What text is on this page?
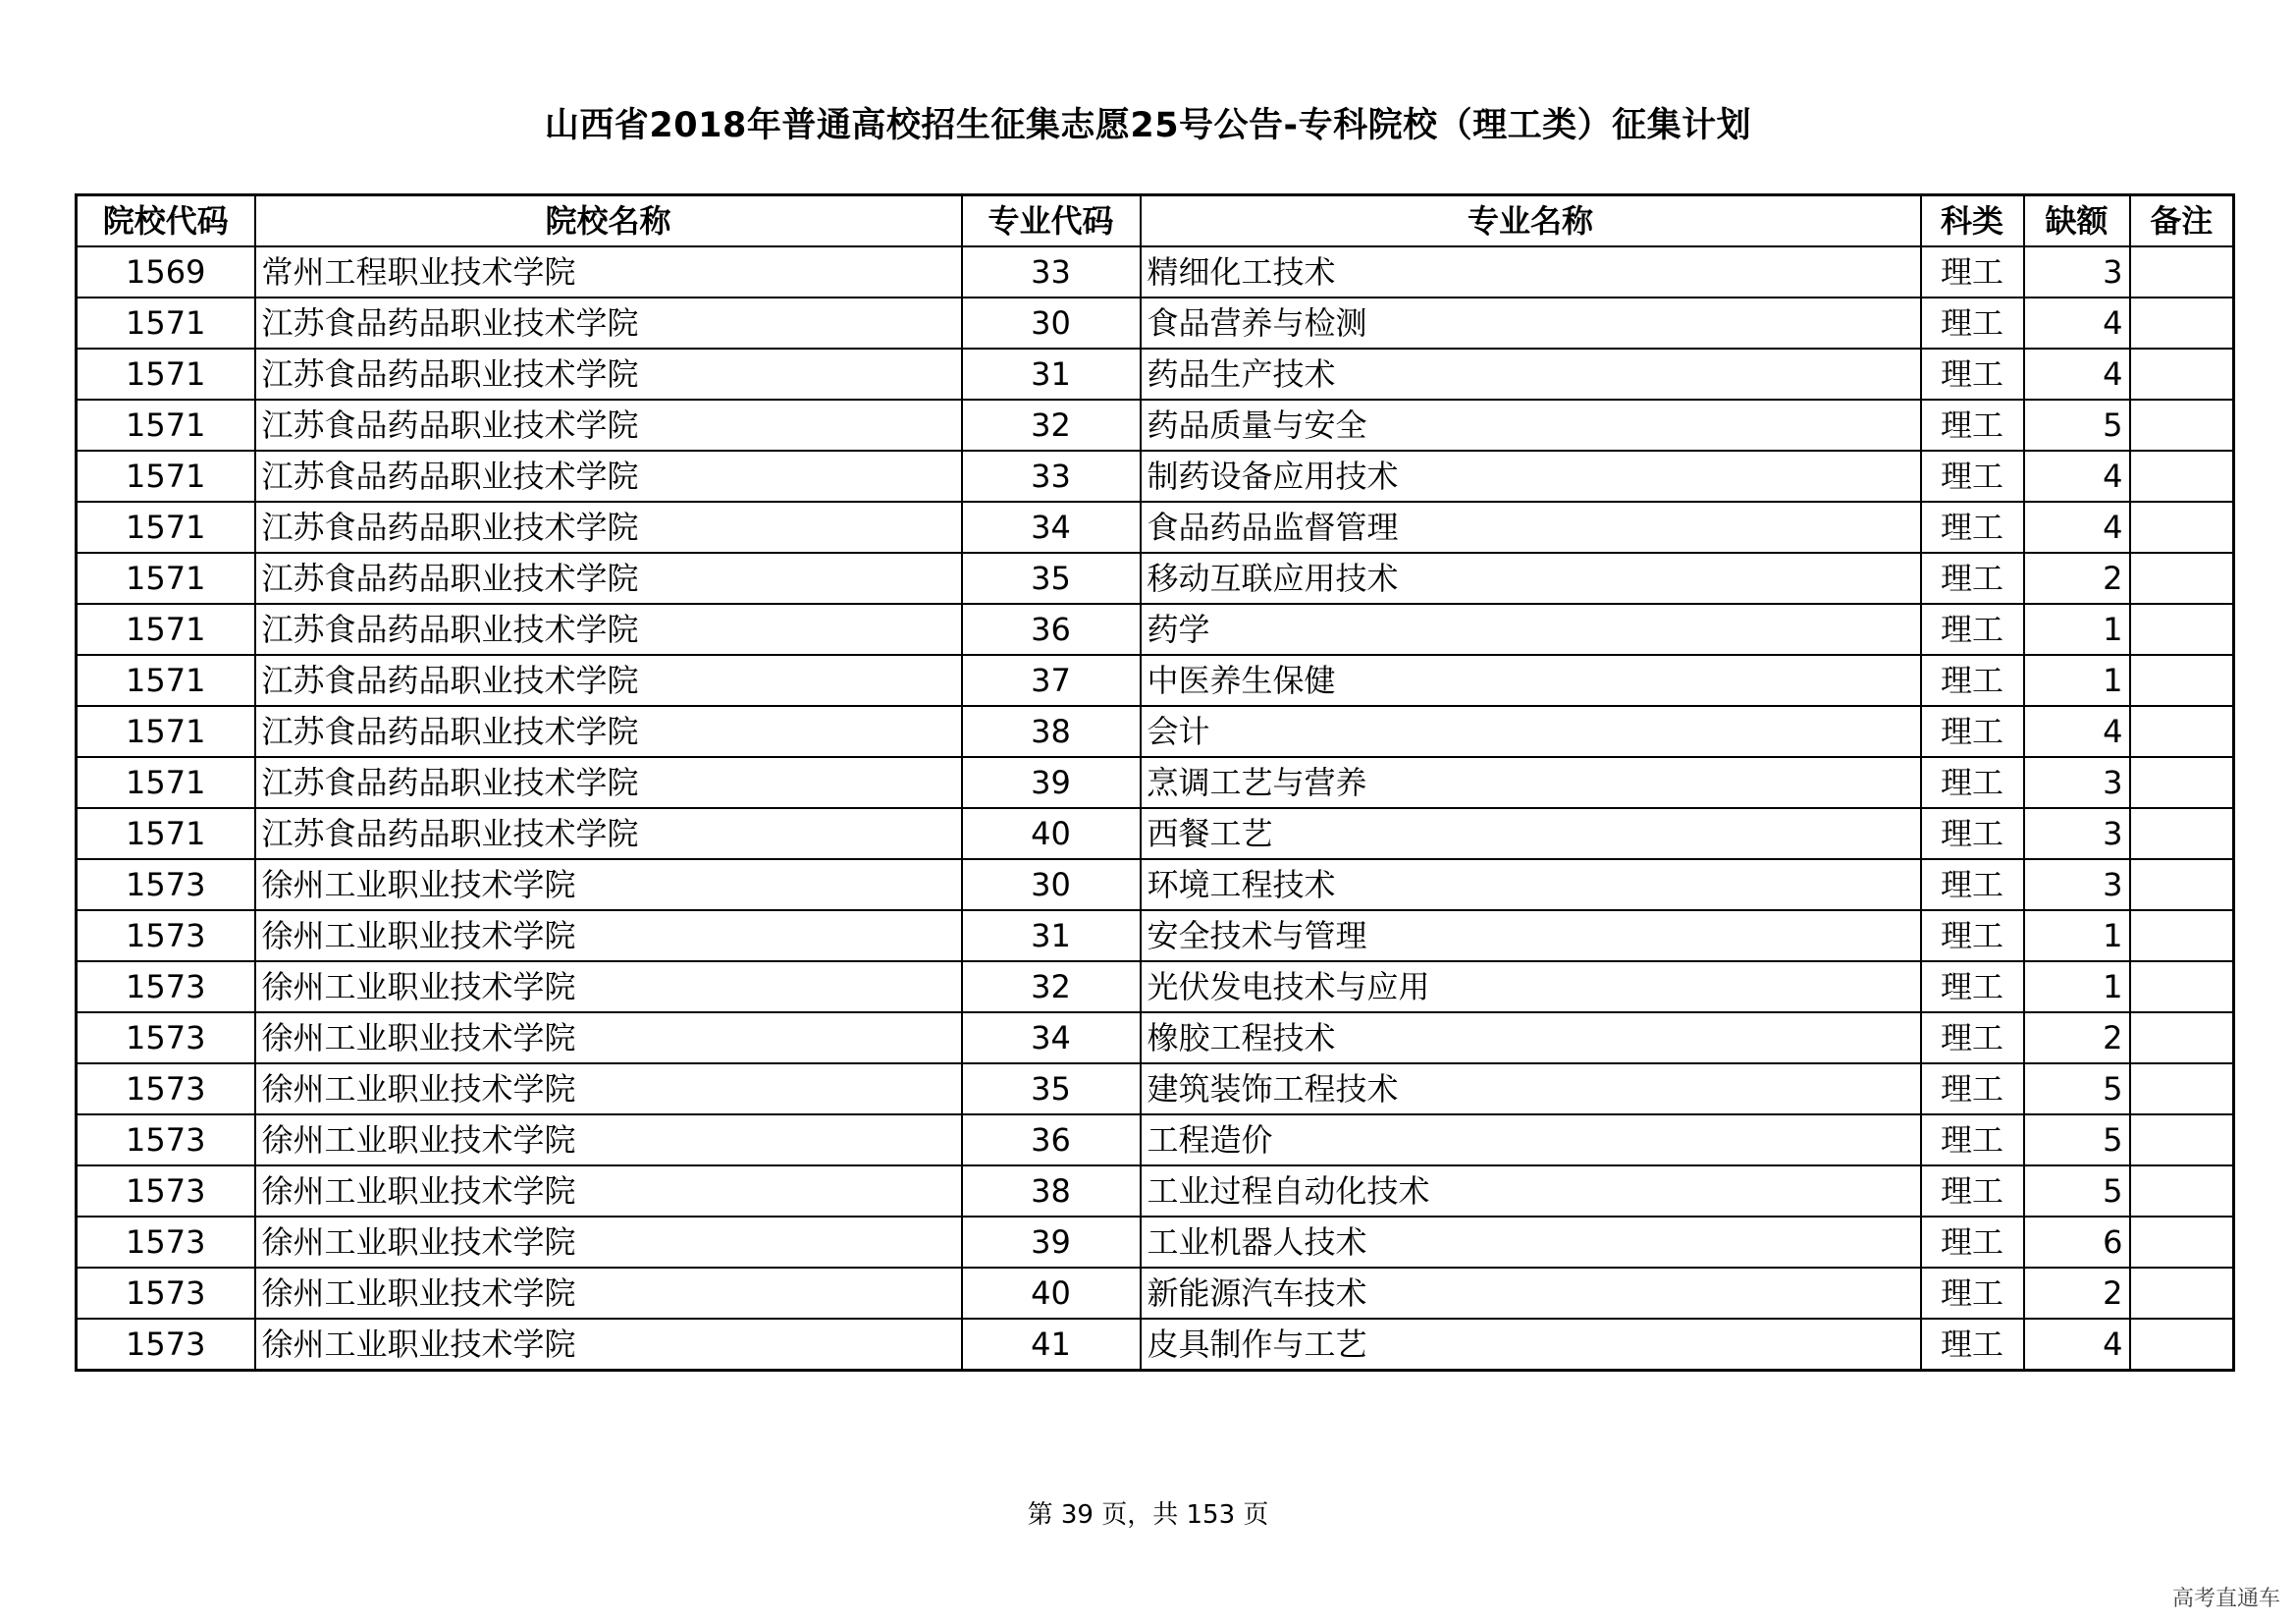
山西省2018年普通高校招生征集志愿25号公告-专科院校（理工类）征集计划
院校代码	院校名称	专业代码	专业名称	科类	缺额	备注
1569	常州工程职业技术学院	33	精细化工技术	理工	3	
1571	江苏食品药品职业技术学院	30	食品营养与检测	理工	4	
1571	江苏食品药品职业技术学院	31	药品生产技术	理工	4	
1571	江苏食品药品职业技术学院	32	药品质量与安全	理工	5	
1571	江苏食品药品职业技术学院	33	制药设备应用技术	理工	4	
1571	江苏食品药品职业技术学院	34	食品药品监督管理	理工	4	
1571	江苏食品药品职业技术学院	35	移动互联应用技术	理工	2	
1571	江苏食品药品职业技术学院	36	药学	理工	1	
1571	江苏食品药品职业技术学院	37	中医养生保健	理工	1	
1571	江苏食品药品职业技术学院	38	会计	理工	4	
1571	江苏食品药品职业技术学院	39	烹调工艺与营养	理工	3	
1571	江苏食品药品职业技术学院	40	西餐工艺	理工	3	
1573	徐州工业职业技术学院	30	环境工程技术	理工	3	
1573	徐州工业职业技术学院	31	安全技术与管理	理工	1	
1573	徐州工业职业技术学院	32	光伏发电技术与应用	理工	1	
1573	徐州工业职业技术学院	34	橡胶工程技术	理工	2	
1573	徐州工业职业技术学院	35	建筑装饰工程技术	理工	5	
1573	徐州工业职业技术学院	36	工程造价	理工	5	
1573	徐州工业职业技术学院	38	工业过程自动化技术	理工	5	
1573	徐州工业职业技术学院	39	工业机器人技术	理工	6	
1573	徐州工业职业技术学院	40	新能源汽车技术	理工	2	
1573	徐州工业职业技术学院	41	皮具制作与工艺	理工	4	
第 39 页，共 153 页
高考直通车
